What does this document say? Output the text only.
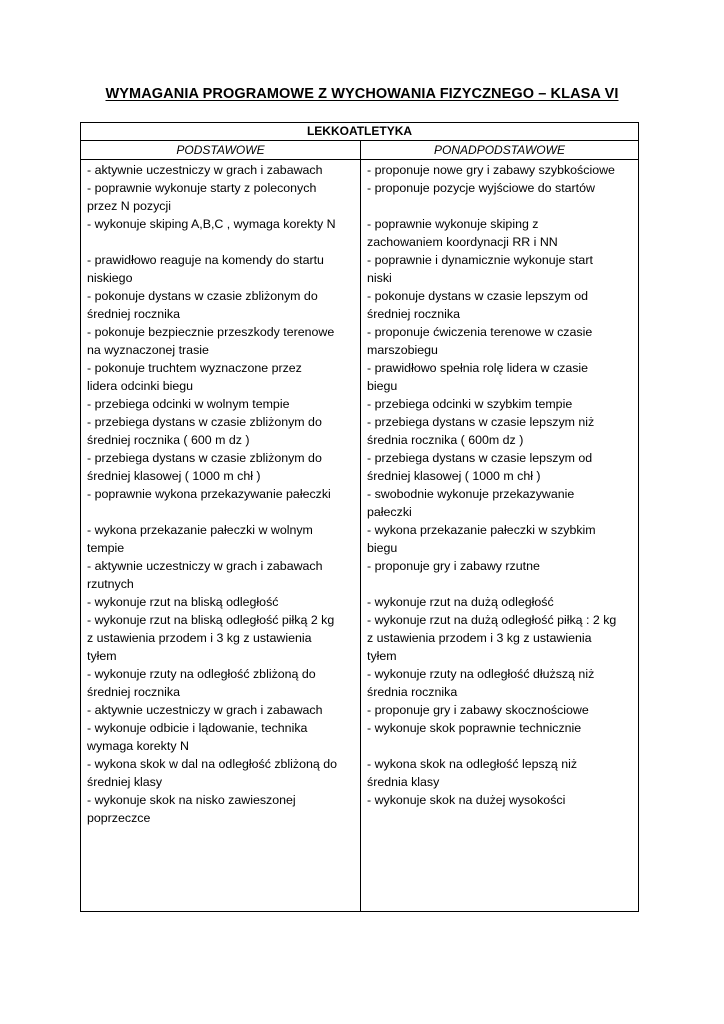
WYMAGANIA PROGRAMOWE Z WYCHOWANIA FIZYCZNEGO – KLASA VI
LEKKOATLETYKA
PODSTAWOWE	PONADPODSTAWOWE
- aktywnie uczestniczy w grach i zabawach
- poprawnie wykonuje starty z poleconych
przez N pozycji
- wykonuje skiping A,B,C , wymaga korekty N
- prawidłowo reaguje na komendy do startu
niskiego
- pokonuje dystans w czasie zbliżonym do
średniej rocznika
- pokonuje bezpiecznie przeszkody terenowe
na wyznaczonej trasie
- pokonuje truchtem wyznaczone przez
lidera odcinki biegu
- przebiega odcinki w wolnym tempie
- przebiega dystans w czasie zbliżonym do
średniej rocznika ( 600 m dz )
- przebiega dystans w czasie zbliżonym do
średniej klasowej ( 1000 m chł )
- poprawnie wykona przekazywanie pałeczki
- wykona przekazanie pałeczki w wolnym
tempie
- aktywnie uczestniczy w grach i zabawach
rzutnych
- wykonuje rzut na bliską odległość
- wykonuje rzut na bliską odległość piłką 2 kg
z ustawienia przodem i 3 kg z ustawienia
tyłem
- wykonuje rzuty na odległość zbliżoną do
średniej rocznika
- aktywnie uczestniczy w grach i zabawach
- wykonuje odbicie i lądowanie, technika
wymaga korekty N
- wykona skok w dal na odległość zbliżoną do
średniej klasy
- wykonuje skok na nisko zawieszonej
poprzeczce
- proponuje nowe gry i zabawy szybkościowe
- proponuje pozycje wyjściowe do startów
- poprawnie wykonuje skiping z
zachowaniem koordynacji RR i NN
- poprawnie i dynamicznie wykonuje start
niski
- pokonuje dystans w czasie lepszym od
średniej rocznika
- proponuje ćwiczenia terenowe w czasie
marszobiegu
- prawidłowo spełnia rolę lidera w czasie
biegu
- przebiega odcinki w szybkim tempie
- przebiega dystans w czasie lepszym niż
średnia rocznika ( 600m dz )
- przebiega dystans w czasie lepszym od
średniej klasowej ( 1000 m chł )
- swobodnie wykonuje przekazywanie
pałeczki
- wykona przekazanie pałeczki w szybkim
biegu
- proponuje gry i zabawy rzutne
- wykonuje rzut na dużą odległość
- wykonuje rzut na dużą odległość piłką : 2 kg
z ustawienia przodem i 3 kg z ustawienia
tyłem
- wykonuje rzuty na odległość dłuższą niż
średnia rocznika
- proponuje gry i zabawy skocznościowe
- wykonuje skok poprawnie technicznie
- wykona skok na odległość lepszą niż
średnia klasy
- wykonuje skok na dużej wysokości
